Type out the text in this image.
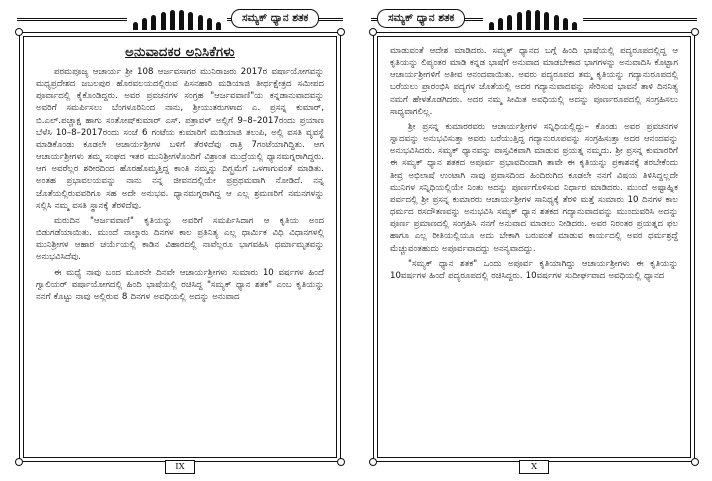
ಸಮ್ಯಕ್ ಧ್ಯಾನ ಶತಕ
ಅನುವಾದಕರ ಅನಿಸಿಕೆಗಳು

ಪರಮಪೂಜ್ಯ ಆಚಾರ್ಯ ಶ್ರೀ 108 ಆರ್ಜವಸಾಗರ ಮುನಿರಾಜರು 2017ರ ವರ್ಷಾಯೋಗವನ್ನು ಮಧ್ಯಪ್ರದೇಶದ ಜಬಲಪುರ ಹೊರವಲಯದಲ್ಲಿರುವ ಪಿಸನಹಾರಿ ಮಡಿಯಾಜಿ ತೀರ್ಥಕ್ಷೇತ್ರದ ಸಮೀಪದ ಪೂರ್ವಾದಲ್ಲಿ ಕೈಕೊಂಡಿದ್ದರು. ಅವರ ಪ್ರವಚನಗಳ ಸಂಗ್ರಹ "ಆರ್ಜವವಾಣಿ"ಯ ಕನ್ನಡಾನುವಾದವನ್ನು ಅವರಿಗೆ ಸಮರ್ಪಿಸಲು ಬೆಂಗಳೂರಿನಿಂದ ನಾನು, ಶ್ರೀಯುತರುಗಳಾದ ಎ. ಪ್ರಸನ್ನ ಕುಮಾರ್, ಬಿ.ಎಲ್.ಪಚ್ಚಾಕ್ಷ ಹಾಗು ಸಂತೋಷ್‌ಕುಮಾರ್ ಎಸ್. ಪತ್ರಾವಳ್ ಅಲ್ಲಿಗೆ 9–8–2017ರಂದು ಪ್ರಯಾಣ ಬೆಳೆಸಿ 10–8–2017ರಂದು ಸಂಜೆ 6 ಗಂಟೆಯ ಕುಮಾರಿಗೆ ಮಡಿಯಾಜಿ ತಲುಪಿ, ಅಲ್ಲಿ ವಸತಿ ವ್ಯವಸ್ಥೆ ಮಾಡಿಕೊಂಡು ಕೂಡಲೇ ಆಚಾರ್ಯಶ್ರೀಗಳ ಬಳಿಗೆ ತೆರಳಿದೆವು ರಾತ್ರಿ 7ಗಂಟೆಯಾಗಿದ್ದಿತು. ಆಗ ಆಚಾರ್ಯಶ್ರೀಗಳು ತಮ್ಮ ಸಂಘದ ಇತರ ಮುನಿಶ್ರೀಗಳೊಂದಿಗೆ ವಿಶ್ರಾಂತ ಮುದ್ರೆಯಲ್ಲಿ ಧ್ಯಾನಮಗ್ನರಾಗಿದ್ದರು. ಆಗ ಅವರೆಲ್ಲರ ಶರೀರದಿಂದ ಹೊರಹೊಮ್ಮತ್ತಿದ್ದ ಕಾಂತಿ ನಮ್ಮನ್ನು ದಿಗ್ಭ್ರಮೆಗೆ ಒಳಗಾಗುವಂತೆ ಮಾಡಿತು. ಅಂತಹ ಪ್ರಭಾವಲಯವನ್ನು ನಾನು ನನ್ನ ಜೀವನದಲ್ಲಿಯೇ ಪ್ರಪ್ರಥಮವಾಗಿ ನೋಡಿದೆ. ನನ್ನ ಜೊತೆಯಲ್ಲಿರುವವರಿಗೂ ಸಹ ಅದೇ ಅನುಭವ. ಧ್ಯಾನಮಗ್ನರಾಗಿದ್ದ ಆ ಎಲ್ಲ ಶ್ರಮಣರಿಗೆ ನಮನಗಳನ್ನು ಸಲ್ಲಿಸಿ ನಮ್ಮ ವಸತಿ ಸ್ಥಾನಕ್ಕೆ ತೆರಳಿದೆವು.

ಮರುದಿನ "ಆರ್ಜವವಾಣಿ" ಕೃತಿಯನ್ನು ಅವರಿಗೆ ಸಮರ್ಪಿಸಿದಾಗ ಆ ಕೃತಿಯ ಅಂದ ಬಿಡುಗಡೆಯಾಯಿತು. ಮುಂದೆ ನಾಲ್ಕಾರು ದಿನಗಳ ಕಾಲ ಪ್ರತಿನಿತ್ಯ ಎಲ್ಲ ಧಾರ್ಮಿಕ ವಿಧಿ ವಿಧಾನಗಳಲ್ಲಿ ಮುನಿಶ್ರೀಗಳ ಆಹಾರ ಚರ್ಯೆಯಲ್ಲಿ ಕಾಡಿನ ವಿಹಾರದಲ್ಲಿ ನಾವೆಲ್ಲರೂ ಭಾಗವಹಿಸಿ ಧರ್ಮಾಮೃತವನ್ನು ಅನುಭವಿಸಿದೆವು.

ಈ ಮಧ್ಯೆ ನಾವು ಬಂದ ಮೂರನೇ ದಿನವೇ ಆಚಾರ್ಯಶ್ರೀಗಳು ಸುಮಾರು 10 ವರ್ಷಗಳ ಹಿಂದೆ ಗ್ವಾಲಿಯರ್ ವರ್ಷಾಯೋಗದಲ್ಲಿ ಹಿಂದಿ ಭಾಷೆಯಲ್ಲಿ ರಚಿಸಿದ್ದ "ಸಮ್ಯಕ್ ಧ್ಯಾನ ಶತಕ" ಎಂಬ ಕೃತಿಯನ್ನು ನನಗೆ ಕೊಟ್ಟು ನಾವು ಅಲ್ಲಿರುವ 8 ದಿನಗಳ ಅವಧಿಯಲ್ಲಿ ಅದನ್ನು ಅನುವಾದ

IX
ಸಮ್ಯಕ್ ಧ್ಯಾನ ಶತಕ

ಮಾಡುವಂತೆ ಆದೇಶ ಮಾಡಿದರು. ಸಮ್ಯಕ್ ಧ್ಯಾನದ ಬಗ್ಗೆ ಹಿಂದಿ ಭಾಷೆಯಲ್ಲಿ ಪದ್ಯರೂಪದಲ್ಲಿದ್ದ ಆ ಕೃತಿಯನ್ನು ಲಿಪ್ಯಂತರ ಮಾಡಿ ಕನ್ನಡ ಭಾಷೆಗೆ ಅನುವಾದ ಮಾಡಬೇಕಾದ ಭಾಗಗಳನ್ನು ಅನುವಾದಿಸಿ ಕೊಟ್ಟಾಗ ಆಚಾರ್ಯಶ್ರೀಗಳಿಗೆ ಅತೀವ ಆನಂದವಾಯಿತು. ಅವರು ಪದ್ಯರೂಪದ ತಮ್ಮ ಕೃತಿಯನ್ನು ಗದ್ಯಾನುರೂಪದಲ್ಲಿ ಬರೆಯಲು ಪ್ರಾರಂಭಿಸಿ ಪದ್ಯಗಳ ಜೊತೆಯಲ್ಲಿ ಅದರ ಗದ್ಯಾನುವಾದವನ್ನು ಸೇರಿಸುವ ಭಾವನೆ ತಾಳಿ ದಿನನಿತ್ಯ ನಮಗೆ ಹೇಳತೊಡಗಿದರು. ಅದರ ನಮ್ಮ ಸೀಮಿತ ಅವಧಿಯಲ್ಲಿ ಅದನ್ನು ಪೂರ್ಣರೂಪದಲ್ಲಿ ಸಂಗ್ರಹಿಸಲು ಸಾಧ್ಯವಾಗಲಿಲ್ಲ.

ಶ್ರೀ ಪ್ರಸನ್ನ ಕುಮಾರರವರು ಆಚಾರ್ಯಶ್ರೀಗಳ ಸನ್ನಿಧಿಯಲ್ಲಿದ್ದು– ಕೊಂಡು ಅವರ ಪ್ರವಚನಗಳ ಸ್ವಾದವನ್ನು ಅನುಭವಿಸುತ್ತಾ ಅವರು ಬರೆಯುತ್ತಿದ್ದ ಗದ್ಯಾನುರೂಪವನ್ನು ಸಂಗ್ರಹಿಸುತ್ತಾ ಅದರ ಆನಂದವನ್ನು ಅನುಭವಿಸಿದರು. ಸಮ್ಯಕ್ ಧ್ಯಾನವನ್ನು ವಾಸ್ತವಿಕವಾಗಿ ಮಾಡುವ ಪ್ರಯತ್ನ ನಮ್ಮದು. ಶ್ರೀ ಪ್ರಸನ್ನ ಕುಮಾರರಿಗೆ ಈ ಸಮ್ಯಕ್ ಧ್ಯಾನ ಶತಕದ ಅಪೂರ್ವ ಪ್ರಭಾವದಿಂದಾಗಿ ತಾವೇ ಈ ಕೃತಿಯನ್ನು ಪ್ರಕಾಶನಕ್ಕೆ ತರಬೇಕೆಂದು ತೀವ್ರ ಅಭಿಲಾಷೆ ಉಂಟಾಗಿ ನಾವು ಪ್ರವಾಸದಿಂದ ಹಿಂದಿರುಗಿದ ಕೂಡಲೇ ನನಗೆ ವಿಷಯ ತಿಳಿಸಿದ್ದಲ್ಲದೇ ಮುನಿಗಳ ಸನ್ನಿಧಿಯಲ್ಲಿಯೇ ನಿಂತು ಅದನ್ನು ಪೂರ್ಣಗೊಳಿಸುವ ನಿರ್ಧಾರ ಮಾಡಿದರು. ಮುಂದೆ ಅಷ್ಟಾಹ್ನಿಕ ಪರ್ವದಲ್ಲಿ ಶ್ರೀ ಪ್ರಸನ್ನ ಕುಮಾರರು ಆಚಾರ್ಯಶ್ರೀಗಳ ಸಾನಿಧ್ಯಕ್ಕೆ ತೆರಳಿ ಮತ್ತೆ ಸುಮಾರು 10 ದಿನಗಳ ಕಾಲ ಧರ್ಮದ ರಸದೌತಣವನ್ನು ಅನುಭವಿಸಿ ಸಮ್ಯಕ್ ಧ್ಯಾನ ಶತಕದ ಗದ್ಯಾನುವಾದವನ್ನು ಮುಂದುವರಿಸಿ ಅದನ್ನು ಪೂರ್ಣ ಪ್ರಮಾಣದಲ್ಲಿ ಸಂಗ್ರಹಿಸಿ ನನಗೆ ಅನುವಾದ ಮಾಡಲು ನೀಡಿದರು. ಅವರ ನಿರಂತರ ಪ್ರಯತ್ನದ ಫಲ ಹಾಗೂ ಎಲ್ಲ ರೀತಿಯಲ್ಲಿಯೂ ಅದು ಬೇಕಾಗಿ ಬರುವಂತೆ ಮಾಡುವ ಕಾರ್ಯದಲ್ಲಿ ಅವರ ಧರ್ಮಶ್ರದ್ಧೆ ಮೆಚ್ಚುವಂತಹುದು ಅಪೂರ್ವವಾದದ್ದು ಅನನ್ಯವಾದದ್ದು.

"ಸಮ್ಯಕ್ ಧ್ಯಾನ ಶತಕ" ಒಂದು ಅಪೂರ್ವ ಕೃತಿಯಾಗಿದ್ದು ಆಚಾರ್ಯಶ್ರೀಗಳು ಈ ಕೃತಿಯನ್ನು 10ವರ್ಷಗಳ ಹಿಂದೆ ಪದ್ಯರೂಪದಲ್ಲಿ ರಚಿಸಿದ್ದರು. 10ವರ್ಷಗಳ ಸುದೀರ್ಘವಾದ ಅವಧಿಯಲ್ಲಿ ಧ್ಯಾನದ

X
